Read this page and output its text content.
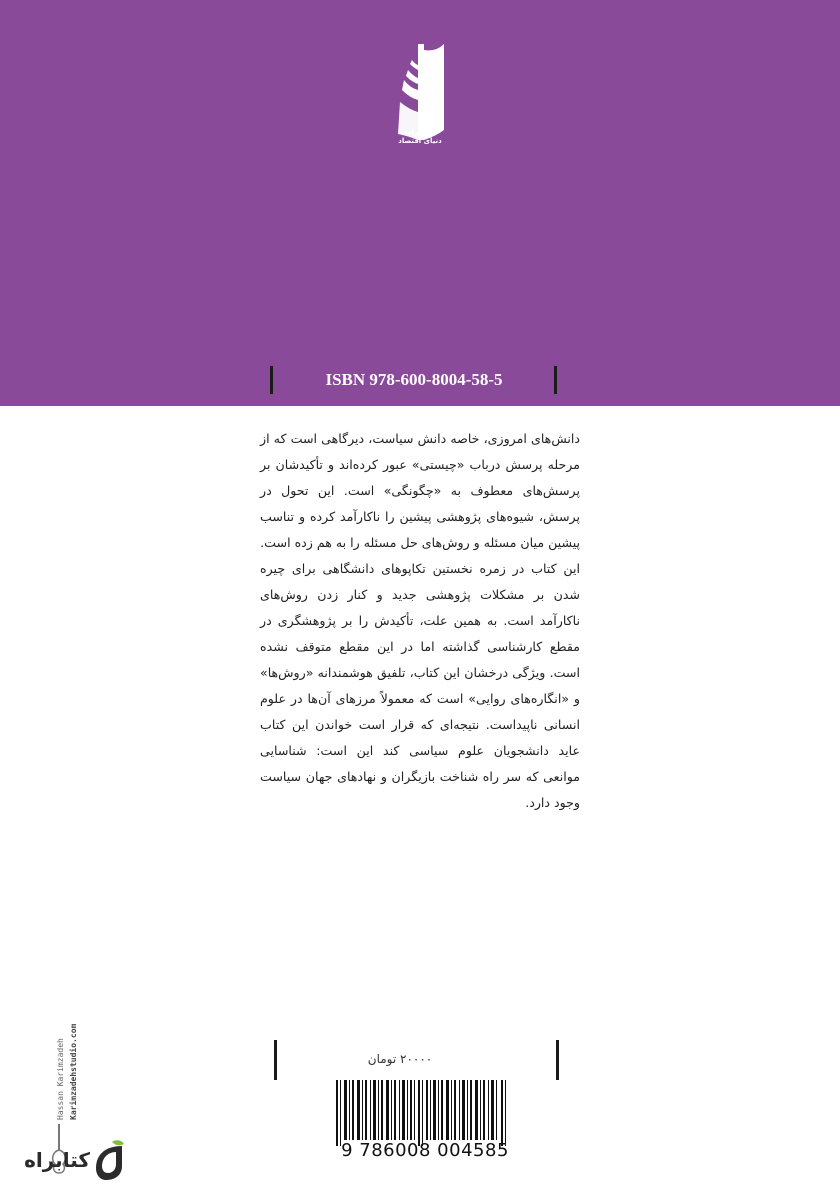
انتشارات
دنیای اقتصاد
ISBN 978-600-8004-58-5
دانش‌های امروزی، خاصه دانش سیاست، دیرگاهی است که از مرحله پرسش درباب «چیستی» عبور کرده‌اند و تأکیدشان بر پرسش‌های معطوف به «چگونگی» است. این تحول در پرسش، شیوه‌های پژوهشی پیشین را ناکارآمد کرده و تناسب پیشین میان مسئله و روش‌های حل مسئله را به هم زده است.
این کتاب در زمره نخستین تکاپوهای دانشگاهی برای چیره شدن بر مشکلات پژوهشی جدید و کنار زدن روش‌های ناکارآمد است. به همین علت، تأکیدش را بر پژوهشگری در مقطع کارشناسی گذاشته اما در این مقطع متوقف نشده است. ویژگی درخشان این کتاب، تلفیق هوشمندانه «روش‌ها» و «انگاره‌های روایی» است که معمولاً مرزهای آن‌ها در علوم انسانی ناپیداست. نتیجه‌ای که قرار است خواندن این کتاب عاید دانشجویان علوم سیاسی کند این است: شناسایی موانعی که سر راه شناخت بازیگران و نهادهای جهان سیاست وجود دارد.
Hassan Karimzadeh Karimzadehstudio.com	۲۰۰۰۰ تومان
9 786008 004585
کتابراه
